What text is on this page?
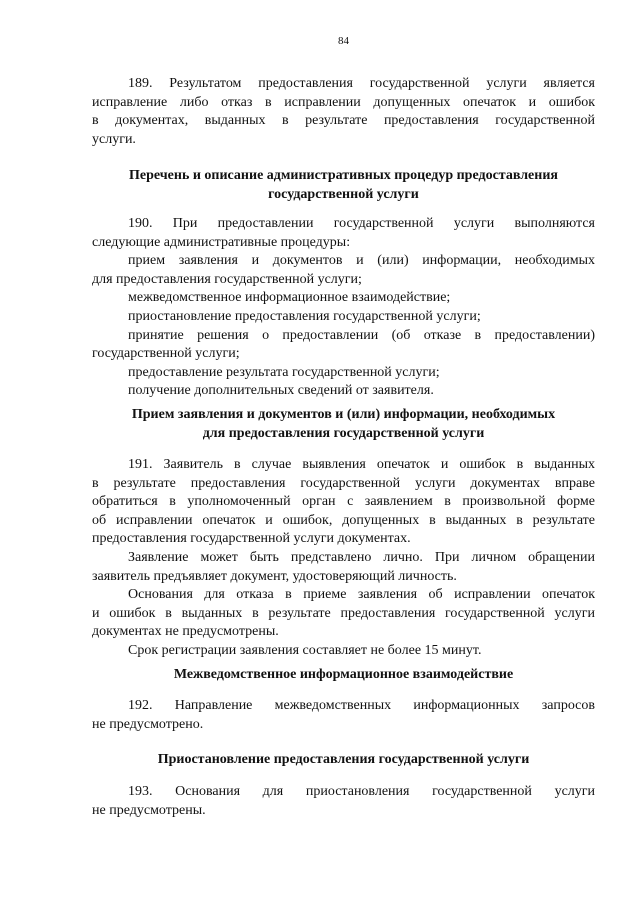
84

189. Результатом предоставления государственной услуги является

исправление либо отказ в исправлении допущенных опечаток и ошибок

в документах, выданных в результате предоставления государственной

услуги.

Перечень и описание административных процедур предоставления

государственной услуги

190. При предоставлении государственной услуги выполняются

следующие административные процедуры:

прием заявления и документов и (или) информации, необходимых

для предоставления государственной услуги;

межведомственное информационное взаимодействие;

приостановление предоставления государственной услуги;

принятие решения о предоставлении (об отказе в предоставлении)

государственной услуги;

предоставление результата государственной услуги;

получение дополнительных сведений от заявителя.

Прием заявления и документов и (или) информации, необходимых

для предоставления государственной услуги

191. Заявитель в случае выявления опечаток и ошибок в выданных

в результате предоставления государственной услуги документах вправе

обратиться в уполномоченный орган с заявлением в произвольной форме

об исправлении опечаток и ошибок, допущенных в выданных в результате

предоставления государственной услуги документах.

Заявление может быть представлено лично. При личном обращении

заявитель предъявляет документ, удостоверяющий личность.

Основания для отказа в приеме заявления об исправлении опечаток

и ошибок в выданных в результате предоставления государственной услуги

документах не предусмотрены.

Срок регистрации заявления составляет не более 15 минут.

Межведомственное информационное взаимодействие

192. Направление межведомственных информационных запросов

не предусмотрено.

Приостановление предоставления государственной услуги

193. Основания для приостановления государственной услуги

не предусмотрены.
